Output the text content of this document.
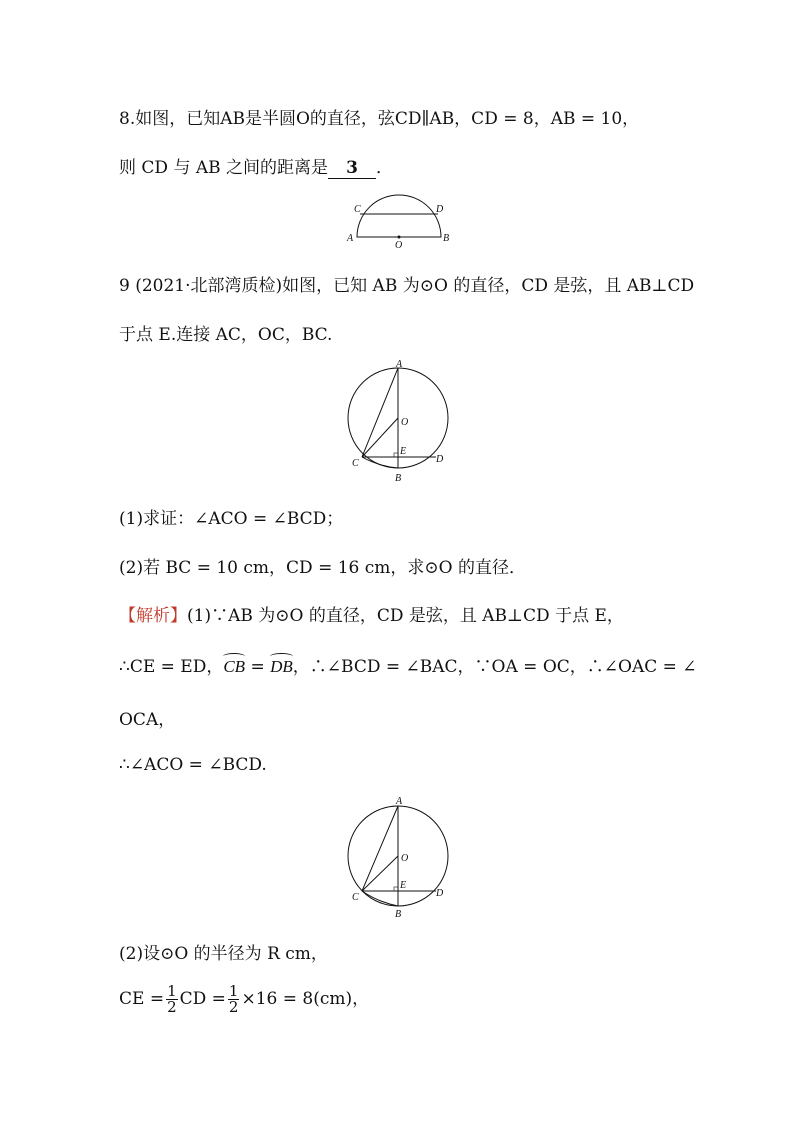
8.如图，已知AB是半圆O的直径，弦CD∥AB，CD = 8，AB = 10，
则 CD 与 AB 之间的距离是 3 ．
C	D
A	B
O
9 (2021·北部湾质检)如图，已知 AB 为⊙O 的直径，CD 是弦，且 AB⊥CD
于点 E.连接 AC，OC，BC.
A
O
E
C	D
B
(1)求证：∠ACO = ∠BCD；
(2)若 BC = 10 cm，CD = 16 cm，求⊙O 的直径．
【解析】(1)∵AB 为⊙O 的直径，CD 是弦，且 AB⊥CD 于点 E，
∴CE = ED，CB = DB，∴∠BCD = ∠BAC，∵OA = OC，∴∠OAC = ∠
OCA，
∴∠ACO = ∠BCD.
A
O
E
C	D
B
(2)设⊙O 的半径为 R cm，
CE = $\frac{1}{2}$ CD = $\frac{1}{2} \times 16 = 8(cm)$，
